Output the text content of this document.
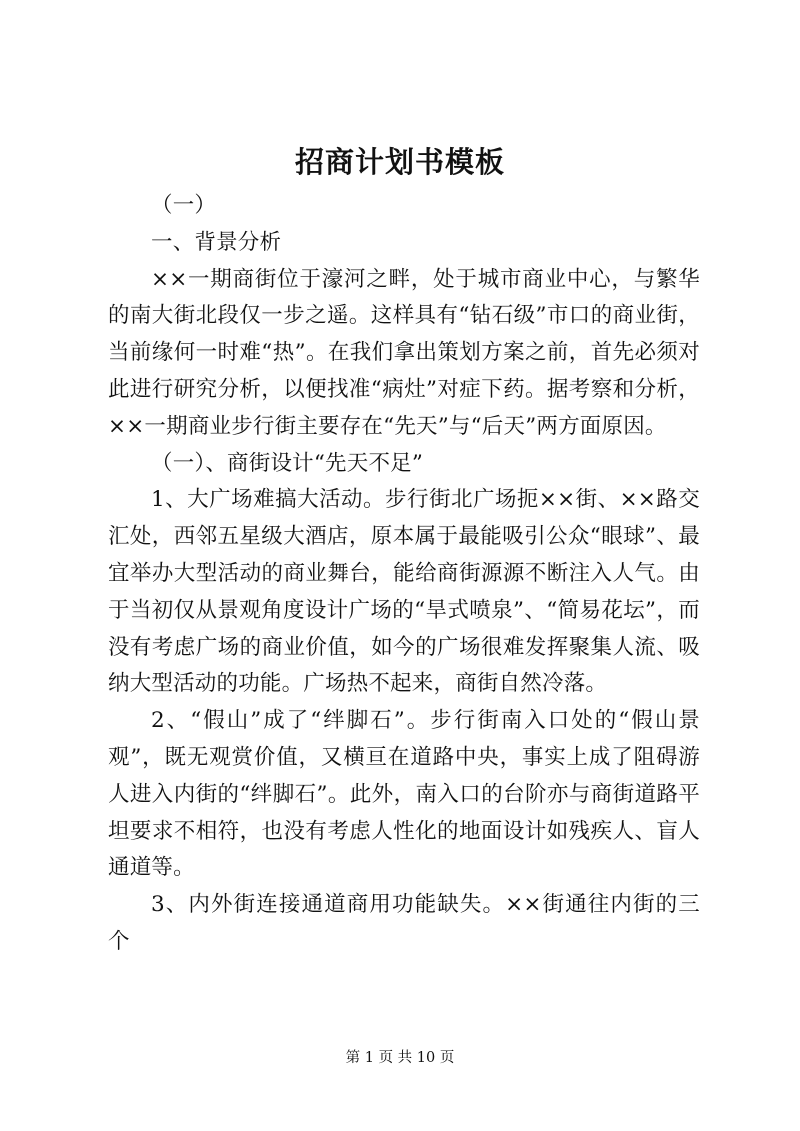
招商计划书模板

（一）

一、背景分析

××一期商街位于濠河之畔，处于城市商业中心，与繁华的南大街北段仅一步之遥。这样具有“钻石级”市口的商业街，当前缘何一时难“热”。在我们拿出策划方案之前，首先必须对此进行研究分析，以便找准“病灶”对症下药。据考察和分析，××一期商业步行街主要存在“先天”与“后天”两方面原因。

（一）、商街设计“先天不足”

1、大广场难搞大活动。步行街北广场扼××街、××路交汇处，西邻五星级大酒店，原本属于最能吸引公众“眼球”、最宜举办大型活动的商业舞台，能给商街源源不断注入人气。由于当初仅从景观角度设计广场的“旱式喷泉”、“简易花坛”，而没有考虑广场的商业价值，如今的广场很难发挥聚集人流、吸纳大型活动的功能。广场热不起来，商街自然冷落。

2、“假山”成了“绊脚石”。步行街南入口处的“假山景观”，既无观赏价值，又横亘在道路中央，事实上成了阻碍游人进入内街的“绊脚石”。此外，南入口的台阶亦与商街道路平坦要求不相符，也没有考虑人性化的地面设计如残疾人、盲人通道等。

3、内外街连接通道商用功能缺失。××街通往内街的三个

第 1 页 共 10 页
